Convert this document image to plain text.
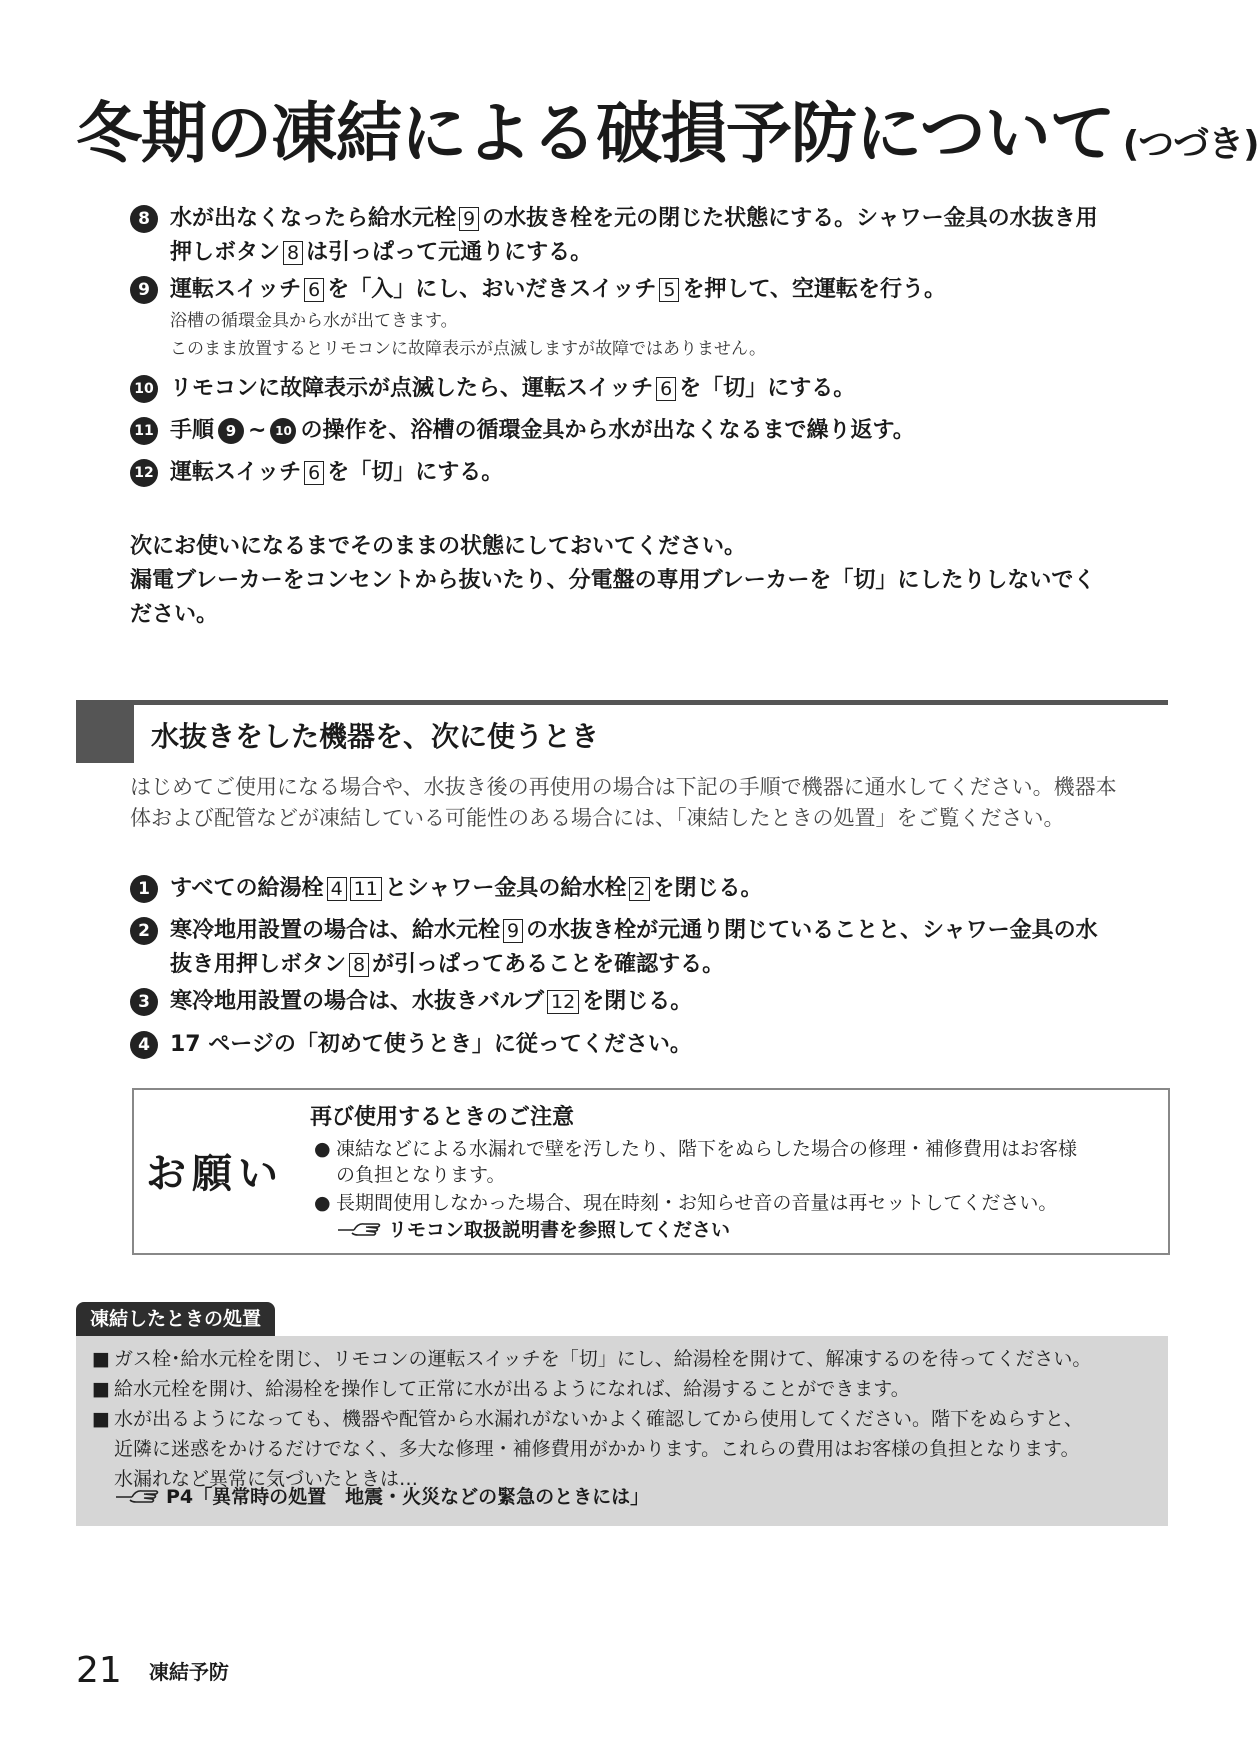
冬期の凍結による破損予防について (つづき)
8 水が出なくなったら給水元栓 9 の水抜き栓を元の閉じた状態にする。シャワー金具の水抜き用
押しボタン 8 は引っぱって元通りにする。
9 運転スイッチ 6 を「入」にし、おいだきスイッチ 5 を押して、空運転を行う。
浴槽の循環金具から水が出てきます。
このまま放置するとリモコンに故障表示が点滅しますが故障ではありません。
10 リモコンに故障表示が点滅したら、運転スイッチ 6 を「切」にする。
11 手順 9 ~ 10 の操作を、浴槽の循環金具から水が出なくなるまで繰り返す。
12 運転スイッチ 6 を「切」にする。
次にお使いになるまでそのままの状態にしておいてください。
漏電ブレーカーをコンセントから抜いたり、分電盤の専用ブレーカーを「切」にしたりしないでく
ださい。
水抜きをした機器を、次に使うとき
はじめてご使用になる場合や、水抜き後の再使用の場合は下記の手順で機器に通水してください。機器本
体および配管などが凍結している可能性のある場合には、「凍結したときの処置」をご覧ください。
1 すべての給湯栓 4 11 とシャワー金具の給水栓 2 を閉じる。
2 寒冷地用設置の場合は、給水元栓 9 の水抜き栓が元通り閉じていることと、シャワー金具の水
抜き用押しボタン 8 が引っぱってあることを確認する。
3 寒冷地用設置の場合は、水抜きバルブ 12 を閉じる。
4 17 ページの「初めて使うとき」に従ってください。
お願い
再び使用するときのご注意
● 凍結などによる水漏れで壁を汚したり、階下をぬらした場合の修理・補修費用はお客様
の負担となります。
● 長期間使用しなかった場合、現在時刻・お知らせ音の音量は再セットしてください。
リモコン取扱説明書を参照してください
凍結したときの処置
■ ガス栓･給水元栓を閉じ、リモコンの運転スイッチを「切」にし、給湯栓を開けて、解凍するのを待ってください。
■ 給水元栓を開け、給湯栓を操作して正常に水が出るようになれば、給湯することができます。
■ 水が出るようになっても、機器や配管から水漏れがないかよく確認してから使用してください。階下をぬらすと、
近隣に迷惑をかけるだけでなく、多大な修理・補修費用がかかります。これらの費用はお客様の負担となります。
水漏れなど異常に気づいたときは…
P4「異常時の処置　地震・火災などの緊急のときには」
21 凍結予防
